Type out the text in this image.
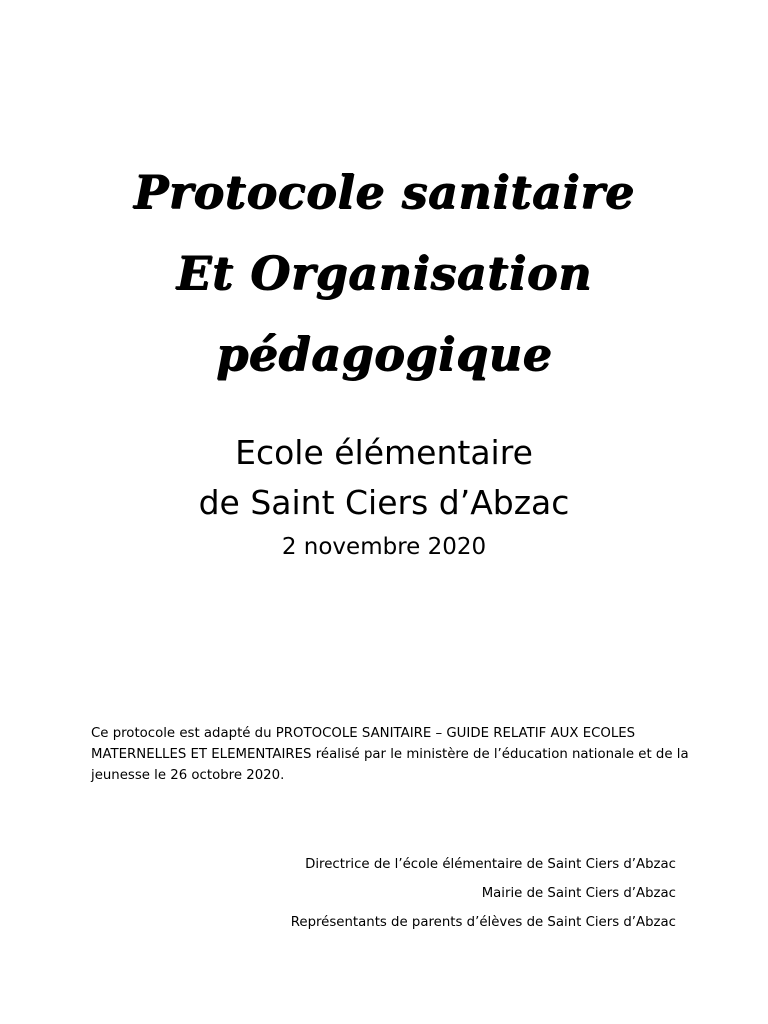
Protocole sanitaire
Et Organisation
pédagogique
Ecole élémentaire
de Saint Ciers d’Abzac
2 novembre 2020

Ce protocole est adapté du PROTOCOLE SANITAIRE – GUIDE RELATIF AUX ECOLES MATERNELLES ET ELEMENTAIRES réalisé par le ministère de l’éducation nationale et de la jeunesse le 26 octobre 2020.

Directrice de l’école élémentaire de Saint Ciers d’Abzac
Mairie de Saint Ciers d’Abzac
Représentants de parents d’élèves de Saint Ciers d’Abzac
